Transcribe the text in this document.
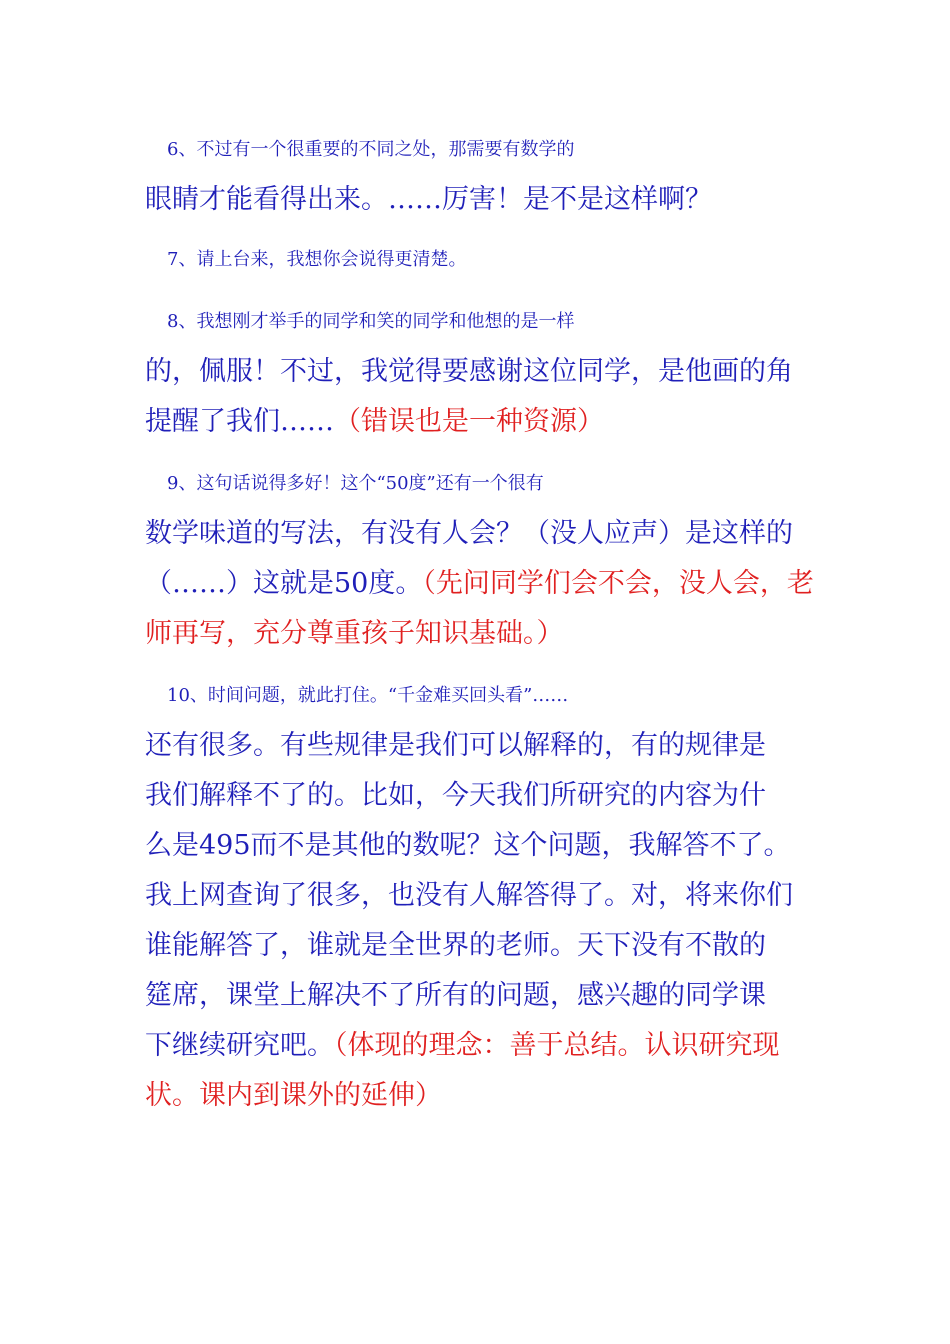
6、不过有一个很重要的不同之处，那需要有数学的
眼睛才能看得出来。……厉害！是不是这样啊？
7、请上台来，我想你会说得更清楚。
8、我想刚才举手的同学和笑的同学和他想的是一样
的，佩服！不过，我觉得要感谢这位同学，是他画的角
提醒了我们……（错误也是一种资源）
9、这句话说得多好！这个“50度”还有一个很有
数学味道的写法，有没有人会？（没人应声）是这样的
（……）这就是50度。（先问同学们会不会，没人会，老
师再写，充分尊重孩子知识基础。）
10、时间问题，就此打住。“千金难买回头看”……
还有很多。有些规律是我们可以解释的，有的规律是
我们解释不了的。比如，今天我们所研究的内容为什
么是495而不是其他的数呢？这个问题，我解答不了。
我上网查询了很多，也没有人解答得了。对，将来你们
谁能解答了，谁就是全世界的老师。天下没有不散的
筵席，课堂上解决不了所有的问题，感兴趣的同学课
下继续研究吧。（体现的理念：善于总结。认识研究现
状。课内到课外的延伸）
